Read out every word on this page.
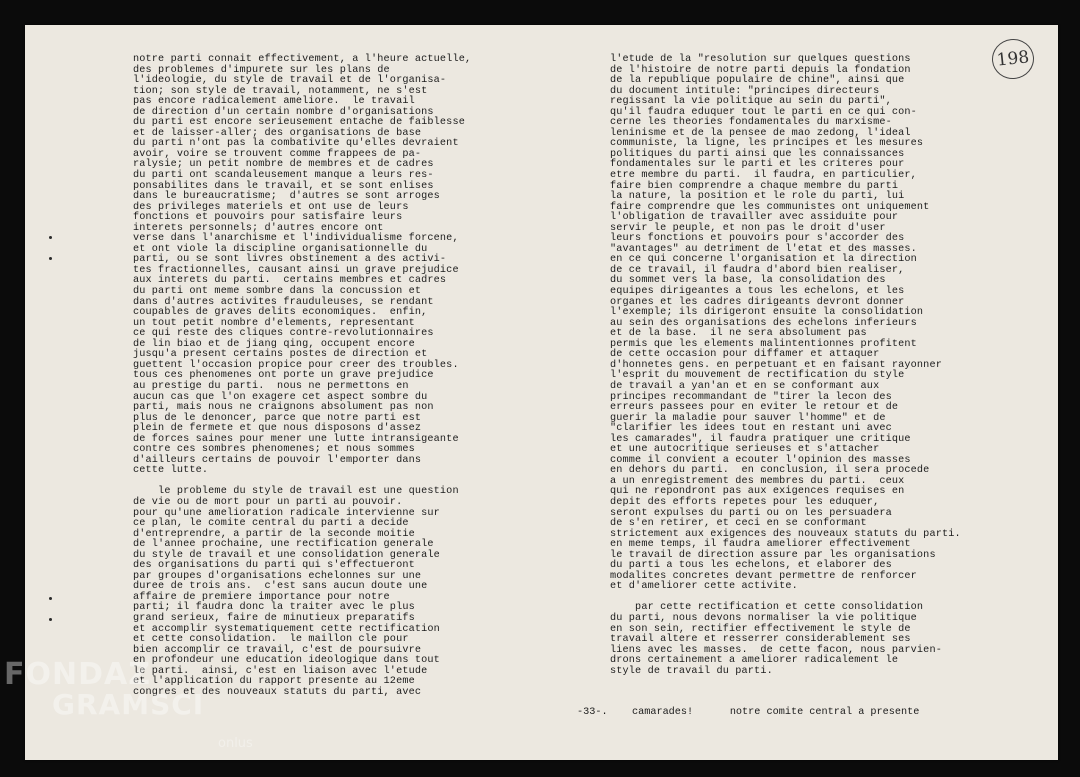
198
notre parti connait effectivement, a l'heure actuelle,
des problemes d'impurete sur les plans de
l'ideologie, du style de travail et de l'organisa-
tion; son style de travail, notamment, ne s'est
pas encore radicalement ameliore.  le travail
de direction d'un certain nombre d'organisations
du parti est encore serieusement entache de faiblesse
et de laisser-aller; des organisations de base
du parti n'ont pas la combativite qu'elles devraient
avoir, voire se trouvent comme frappees de pa-
ralysie; un petit nombre de membres et de cadres
du parti ont scandaleusement manque a leurs res-
ponsabilites dans le travail, et se sont enlises
dans le bureaucratisme;  d'autres se sont arroges
des privileges materiels et ont use de leurs
fonctions et pouvoirs pour satisfaire leurs
interets personnels; d'autres encore ont
verse dans l'anarchisme et l'individualisme forcene,
et ont viole la discipline organisationnelle du
parti, ou se sont livres obstinement a des activi-
tes fractionnelles, causant ainsi un grave prejudice
aux interets du parti.  certains membres et cadres
du parti ont meme sombre dans la concussion et
dans d'autres activites frauduleuses, se rendant
coupables de graves delits economiques.  enfin,
un tout petit nombre d'elements, representant
ce qui reste des cliques contre-revolutionnaires
de lin biao et de jiang qing, occupent encore
jusqu'a present certains postes de direction et
guettent l'occasion propice pour creer des troubles.
tous ces phenomenes ont porte un grave prejudice
au prestige du parti.  nous ne permettons en
aucun cas que l'on exagere cet aspect sombre du
parti, mais nous ne craignons absolument pas non
plus de le denoncer, parce que notre parti est
plein de fermete et que nous disposons d'assez
de forces saines pour mener une lutte intransigeante
contre ces sombres phenomenes; et nous sommes
d'ailleurs certains de pouvoir l'emporter dans
cette lutte.
le probleme du style de travail est une question
de vie ou de mort pour un parti au pouvoir.
pour qu'une amelioration radicale intervienne sur
ce plan, le comite central du parti a decide
d'entreprendre, a partir de la seconde moitie
de l'annee prochaine, une rectification generale
du style de travail et une consolidation generale
des organisations du parti qui s'effectueront
par groupes d'organisations echelonnes sur une
duree de trois ans.  c'est sans aucun doute une
affaire de premiere importance pour notre
parti; il faudra donc la traiter avec le plus
grand serieux, faire de minutieux preparatifs
et accomplir systematiquement cette rectification
et cette consolidation.  le maillon cle pour
bien accomplir ce travail, c'est de poursuivre
en profondeur une education ideologique dans tout
le parti.  ainsi, c'est en liaison avec l'etude
et l'application du rapport presente au 12eme
congres et des nouveaux statuts du parti, avec
l'etude de la "resolution sur quelques questions
de l'histoire de notre parti depuis la fondation
de la republique populaire de chine", ainsi que
du document intitule: "principes directeurs
regissant la vie politique au sein du parti",
qu'il faudra eduquer tout le parti en ce qui con-
cerne les theories fondamentales du marxisme-
leninisme et de la pensee de mao zedong, l'ideal
communiste, la ligne, les principes et les mesures
politiques du parti ainsi que les connaissances
fondamentales sur le parti et les criteres pour
etre membre du parti.  il faudra, en particulier,
faire bien comprendre a chaque membre du parti
la nature, la position et le role du parti, lui
faire comprendre que les communistes ont uniquement
l'obligation de travailler avec assiduite pour
servir le peuple, et non pas le droit d'user
leurs fonctions et pouvoirs pour s'accorder des
"avantages" au detriment de l'etat et des masses.
en ce qui concerne l'organisation et la direction
de ce travail, il faudra d'abord bien realiser,
du sommet vers la base, la consolidation des
equipes dirigeantes a tous les echelons, et les
organes et les cadres dirigeants devront donner
l'exemple; ils dirigeront ensuite la consolidation
au sein des organisations des echelons inferieurs
et de la base.  il ne sera absolument pas
permis que les elements malintentionnes profitent
de cette occasion pour diffamer et attaquer
d'honnetes gens. en perpetuant et en faisant rayonner
l'esprit du mouvement de rectification du style
de travail a yan'an et en se conformant aux
principes recommandant de "tirer la lecon des
erreurs passees pour en eviter le retour et de
guerir la maladie pour sauver l'homme" et de
"clarifier les idees tout en restant uni avec
les camarades", il faudra pratiquer une critique
et une autocritique serieuses et s'attacher
comme il convient a ecouter l'opinion des masses
en dehors du parti.  en conclusion, il sera procede
a un enregistrement des membres du parti.  ceux
qui ne repondront pas aux exigences requises en
depit des efforts repetes pour les eduquer,
seront expulses du parti ou on les persuadera
de s'en retirer, et ceci en se conformant
strictement aux exigences des nouveaux statuts du parti.
en meme temps, il faudra ameliorer effectivement
le travail de direction assure par les organisations
du parti a tous les echelons, et elaborer des
modalites concretes devant permettre de renforcer
et d'ameliorer cette activite.
par cette rectification et cette consolidation
du parti, nous devons normaliser la vie politique
en son sein, rectifier effectivement le style de
travail altere et resserrer considerablement ses
liens avec les masses.  de cette facon, nous parvien-
drons certainement a ameliorer radicalement le
style de travail du parti.
-33-. camarades!      notre comite central a presente
FONDAZ
GRAMSCI
onlus
